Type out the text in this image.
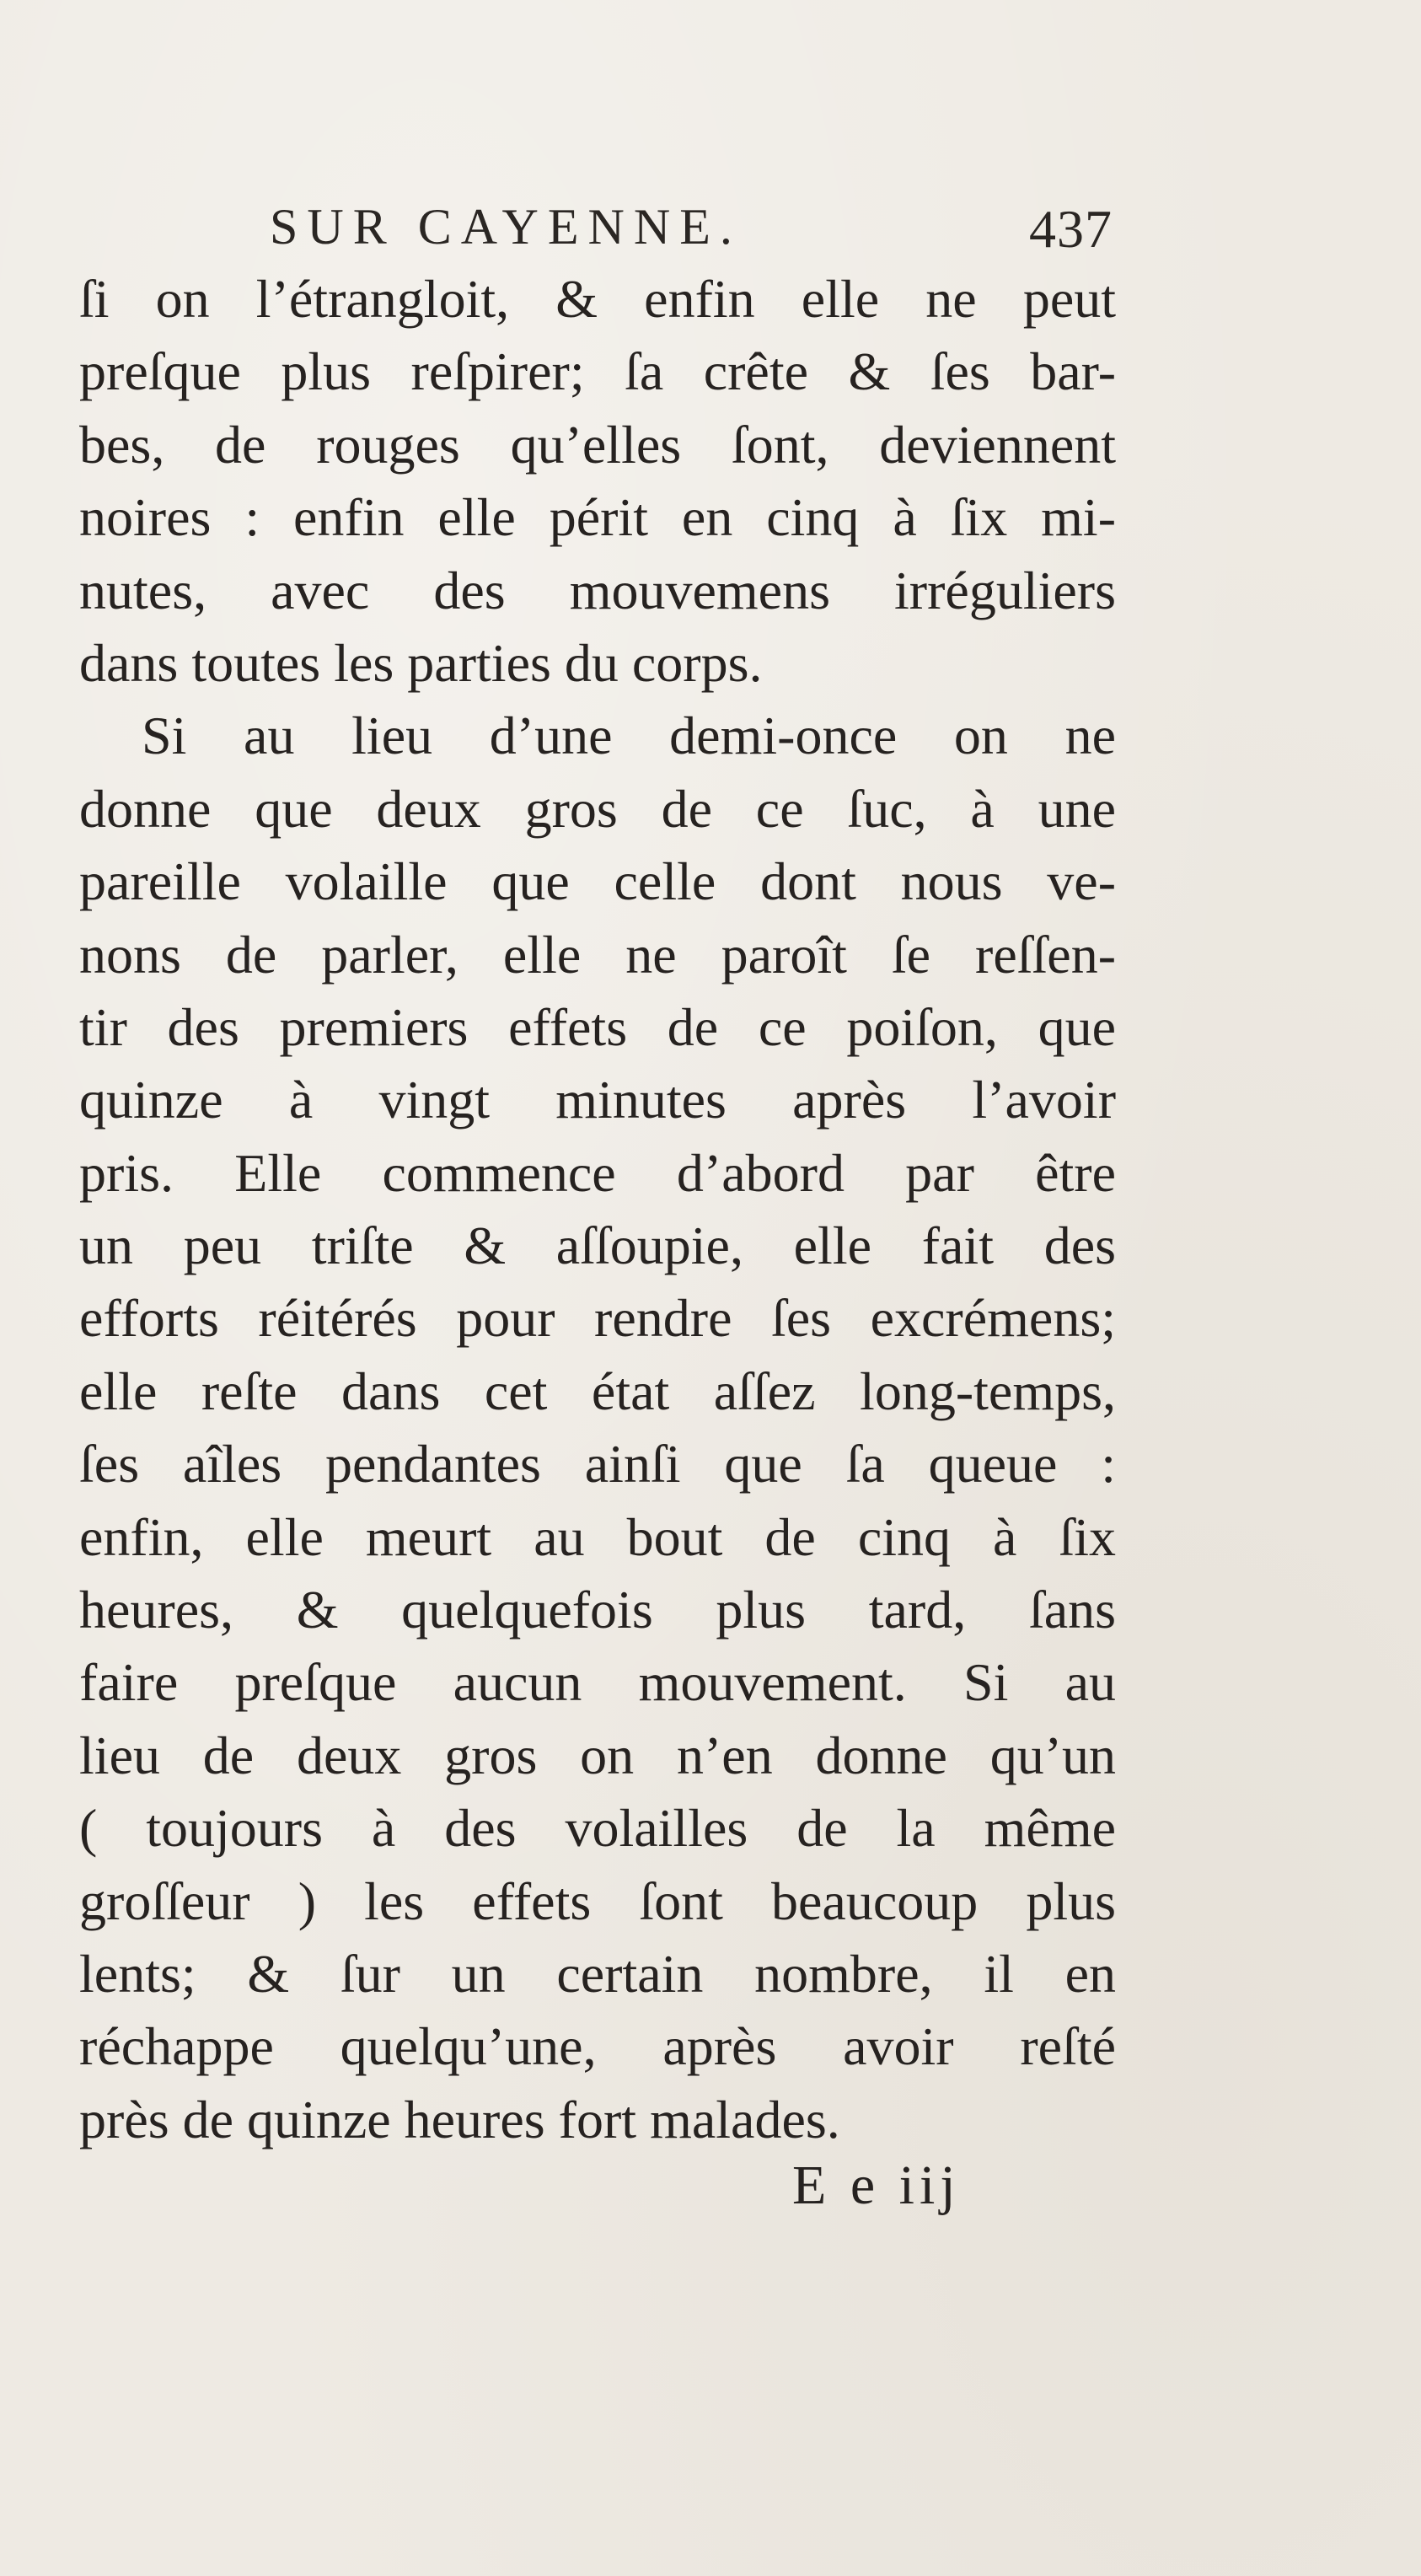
SUR CAYENNE.	437
ſi on l’étrangloit, & enfin elle ne peut
preſque plus reſpirer; ſa crête & ſes bar-
bes, de rouges qu’elles ſont, deviennent
noires : enfin elle périt en cinq à ſix mi-
nutes, avec des mouvemens irréguliers
dans toutes les parties du corps.
Si au lieu d’une demi-once on ne
donne que deux gros de ce ſuc, à une
pareille volaille que celle dont nous ve-
nons de parler, elle ne paroît ſe reſſen-
tir des premiers effets de ce poiſon, que
quinze à vingt minutes après l’avoir
pris. Elle commence d’abord par être
un peu triſte & aſſoupie, elle fait des
efforts réitérés pour rendre ſes excrémens;
elle reſte dans cet état aſſez long-temps,
ſes aîles pendantes ainſi que ſa queue :
enfin, elle meurt au bout de cinq à ſix
heures, & quelquefois plus tard, ſans
faire preſque aucun mouvement. Si au
lieu de deux gros on n’en donne qu’un
( toujours à des volailles de la même
groſſeur ) les effets ſont beaucoup plus
lents; & ſur un certain nombre, il en
réchappe quelqu’une, après avoir reſté
près de quinze heures fort malades.
E e iij
